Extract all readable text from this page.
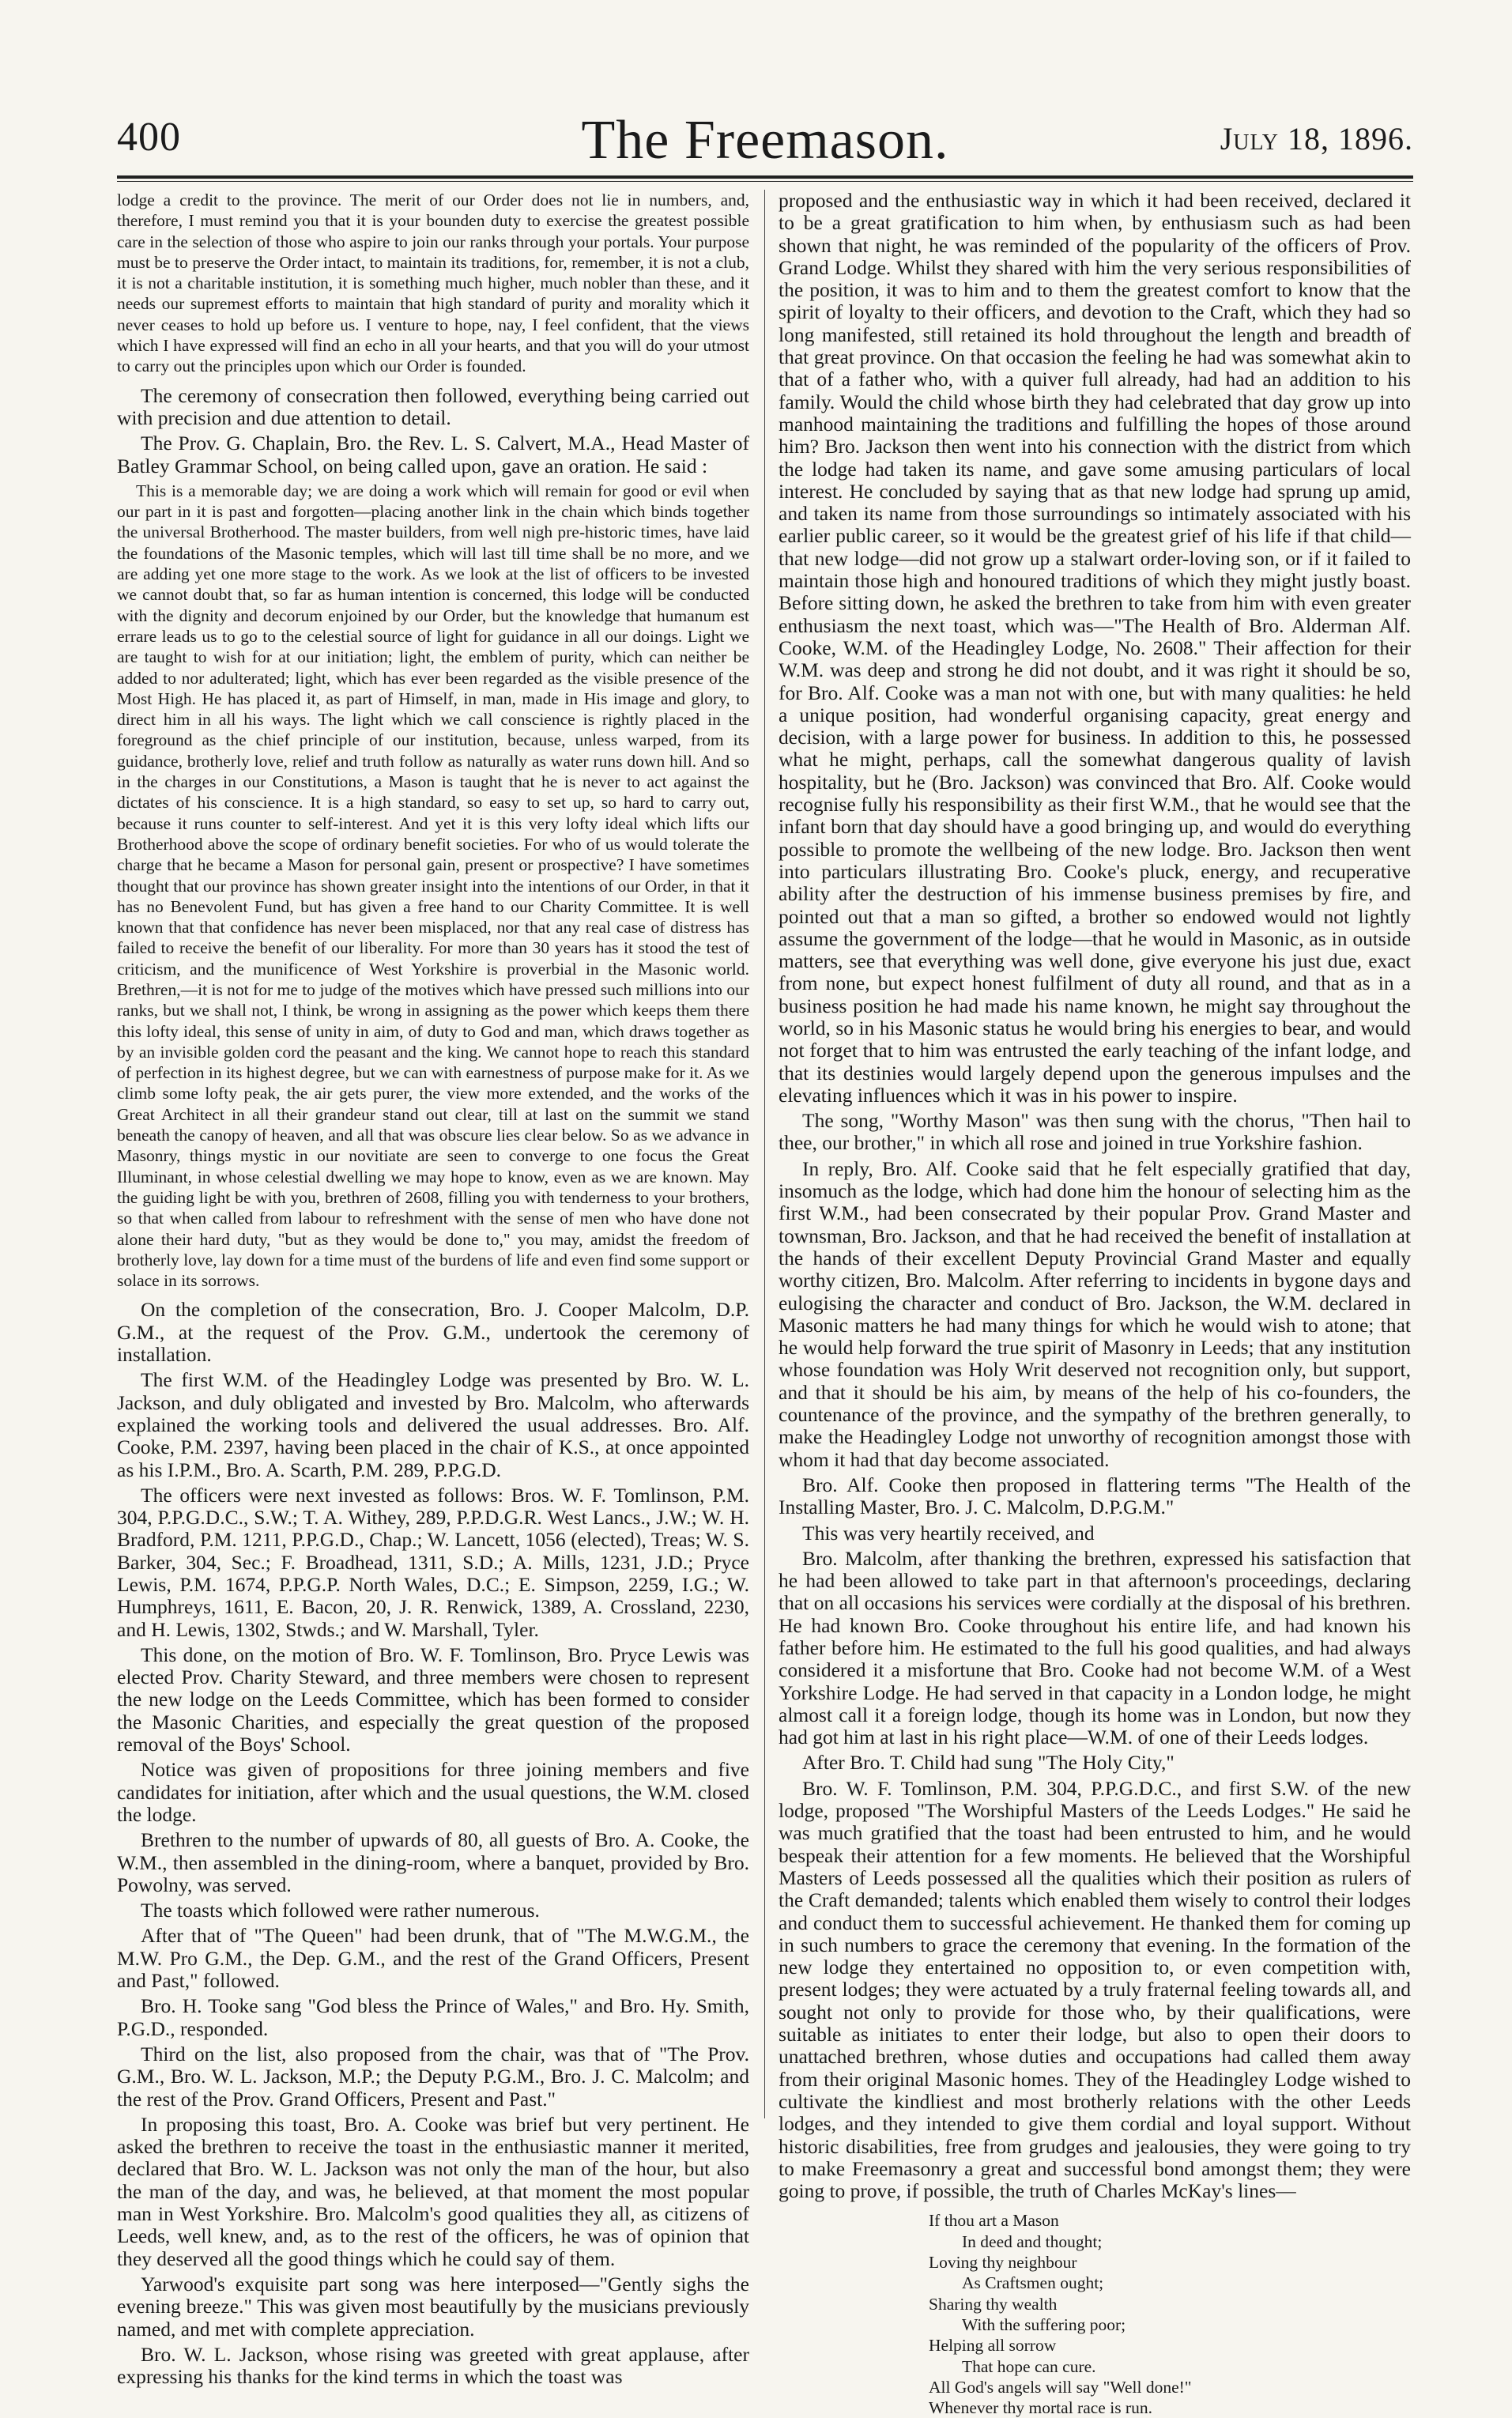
400	The Freemason.	July 18, 1896.

lodge a credit to the province. The merit of our Order does not lie in numbers, and, therefore, I must remind you that it is your bounden duty to exercise the greatest possible care in the selection of those who aspire to join our ranks through your portals. Your purpose must be to preserve the Order intact, to maintain its traditions, for, remember, it is not a club, it is not a charitable institution, it is something much higher, much nobler than these, and it needs our supremest efforts to maintain that high standard of purity and morality which it never ceases to hold up before us. I venture to hope, nay, I feel confident, that the views which I have expressed will find an echo in all your hearts, and that you will do your utmost to carry out the principles upon which our Order is founded.

The ceremony of consecration then followed, everything being carried out with precision and due attention to detail.

The Prov. G. Chaplain, Bro. the Rev. L. S. Calvert, M.A., Head Master of Batley Grammar School, on being called upon, gave an oration. He said :

This is a memorable day; we are doing a work which will remain for good or evil when our part in it is past and forgotten—placing another link in the chain which binds together the universal Brotherhood. The master builders, from well nigh pre-historic times, have laid the foundations of the Masonic temples, which will last till time shall be no more, and we are adding yet one more stage to the work. As we look at the list of officers to be invested we cannot doubt that, so far as human intention is concerned, this lodge will be conducted with the dignity and decorum enjoined by our Order, but the knowledge that humanum est errare leads us to go to the celestial source of light for guidance in all our doings. Light we are taught to wish for at our initiation; light, the emblem of purity, which can neither be added to nor adulterated; light, which has ever been regarded as the visible presence of the Most High. He has placed it, as part of Himself, in man, made in His image and glory, to direct him in all his ways. The light which we call conscience is rightly placed in the foreground as the chief principle of our institution, because, unless warped, from its guidance, brotherly love, relief and truth follow as naturally as water runs down hill. And so in the charges in our Constitutions, a Mason is taught that he is never to act against the dictates of his conscience. It is a high standard, so easy to set up, so hard to carry out, because it runs counter to self-interest. And yet it is this very lofty ideal which lifts our Brotherhood above the scope of ordinary benefit societies. For who of us would tolerate the charge that he became a Mason for personal gain, present or prospective? I have sometimes thought that our province has shown greater insight into the intentions of our Order, in that it has no Benevolent Fund, but has given a free hand to our Charity Committee. It is well known that that confidence has never been misplaced, nor that any real case of distress has failed to receive the benefit of our liberality. For more than 30 years has it stood the test of criticism, and the munificence of West Yorkshire is proverbial in the Masonic world. Brethren,—it is not for me to judge of the motives which have pressed such millions into our ranks, but we shall not, I think, be wrong in assigning as the power which keeps them there this lofty ideal, this sense of unity in aim, of duty to God and man, which draws together as by an invisible golden cord the peasant and the king. We cannot hope to reach this standard of perfection in its highest degree, but we can with earnestness of purpose make for it. As we climb some lofty peak, the air gets purer, the view more extended, and the works of the Great Architect in all their grandeur stand out clear, till at last on the summit we stand beneath the canopy of heaven, and all that was obscure lies clear below. So as we advance in Masonry, things mystic in our novitiate are seen to converge to one focus the Great Illuminant, in whose celestial dwelling we may hope to know, even as we are known. May the guiding light be with you, brethren of 2608, filling you with tenderness to your brothers, so that when called from labour to refreshment with the sense of men who have done not alone their hard duty, "but as they would be done to," you may, amidst the freedom of brotherly love, lay down for a time must of the burdens of life and even find some support or solace in its sorrows.

On the completion of the consecration, Bro. J. Cooper Malcolm, D.P. G.M., at the request of the Prov. G.M., undertook the ceremony of installation.

The first W.M. of the Headingley Lodge was presented by Bro. W. L. Jackson, and duly obligated and invested by Bro. Malcolm, who afterwards explained the working tools and delivered the usual addresses. Bro. Alf. Cooke, P.M. 2397, having been placed in the chair of K.S., at once appointed as his I.P.M., Bro. A. Scarth, P.M. 289, P.P.G.D.

The officers were next invested as follows: Bros. W. F. Tomlinson, P.M. 304, P.P.G.D.C., S.W.; T. A. Withey, 289, P.P.D.G.R. West Lancs., J.W.; W. H. Bradford, P.M. 1211, P.P.G.D., Chap.; W. Lancett, 1056 (elected), Treas; W. S. Barker, 304, Sec.; F. Broadhead, 1311, S.D.; A. Mills, 1231, J.D.; Pryce Lewis, P.M. 1674, P.P.G.P. North Wales, D.C.; E. Simpson, 2259, I.G.; W. Humphreys, 1611, E. Bacon, 20, J. R. Renwick, 1389, A. Crossland, 2230, and H. Lewis, 1302, Stwds.; and W. Marshall, Tyler.

This done, on the motion of Bro. W. F. Tomlinson, Bro. Pryce Lewis was elected Prov. Charity Steward, and three members were chosen to represent the new lodge on the Leeds Committee, which has been formed to consider the Masonic Charities, and especially the great question of the proposed removal of the Boys' School.

Notice was given of propositions for three joining members and five candidates for initiation, after which and the usual questions, the W.M. closed the lodge.

Brethren to the number of upwards of 80, all guests of Bro. A. Cooke, the W.M., then assembled in the dining-room, where a banquet, provided by Bro. Powolny, was served.

The toasts which followed were rather numerous.

After that of "The Queen" had been drunk, that of "The M.W.G.M., the M.W. Pro G.M., the Dep. G.M., and the rest of the Grand Officers, Present and Past," followed.

Bro. H. Tooke sang "God bless the Prince of Wales," and Bro. Hy. Smith, P.G.D., responded.

Third on the list, also proposed from the chair, was that of "The Prov. G.M., Bro. W. L. Jackson, M.P.; the Deputy P.G.M., Bro. J. C. Malcolm; and the rest of the Prov. Grand Officers, Present and Past."

In proposing this toast, Bro. A. Cooke was brief but very pertinent. He asked the brethren to receive the toast in the enthusiastic manner it merited, declared that Bro. W. L. Jackson was not only the man of the hour, but also the man of the day, and was, he believed, at that moment the most popular man in West Yorkshire. Bro. Malcolm's good qualities they all, as citizens of Leeds, well knew, and, as to the rest of the officers, he was of opinion that they deserved all the good things which he could say of them.

Yarwood's exquisite part song was here interposed—"Gently sighs the evening breeze." This was given most beautifully by the musicians previously named, and met with complete appreciation.

Bro. W. L. Jackson, whose rising was greeted with great applause, after expressing his thanks for the kind terms in which the toast was

proposed and the enthusiastic way in which it had been received, declared it to be a great gratification to him when, by enthusiasm such as had been shown that night, he was reminded of the popularity of the officers of Prov. Grand Lodge. Whilst they shared with him the very serious responsibilities of the position, it was to him and to them the greatest comfort to know that the spirit of loyalty to their officers, and devotion to the Craft, which they had so long manifested, still retained its hold throughout the length and breadth of that great province. On that occasion the feeling he had was somewhat akin to that of a father who, with a quiver full already, had had an addition to his family. Would the child whose birth they had celebrated that day grow up into manhood maintaining the traditions and fulfilling the hopes of those around him? Bro. Jackson then went into his connection with the district from which the lodge had taken its name, and gave some amusing particulars of local interest. He concluded by saying that as that new lodge had sprung up amid, and taken its name from those surroundings so intimately associated with his earlier public career, so it would be the greatest grief of his life if that child—that new lodge—did not grow up a stalwart order-loving son, or if it failed to maintain those high and honoured traditions of which they might justly boast. Before sitting down, he asked the brethren to take from him with even greater enthusiasm the next toast, which was—"The Health of Bro. Alderman Alf. Cooke, W.M. of the Headingley Lodge, No. 2608." Their affection for their W.M. was deep and strong he did not doubt, and it was right it should be so, for Bro. Alf. Cooke was a man not with one, but with many qualities: he held a unique position, had wonderful organising capacity, great energy and decision, with a large power for business. In addition to this, he possessed what he might, perhaps, call the somewhat dangerous quality of lavish hospitality, but he (Bro. Jackson) was convinced that Bro. Alf. Cooke would recognise fully his responsibility as their first W.M., that he would see that the infant born that day should have a good bringing up, and would do everything possible to promote the wellbeing of the new lodge. Bro. Jackson then went into particulars illustrating Bro. Cooke's pluck, energy, and recuperative ability after the destruction of his immense business premises by fire, and pointed out that a man so gifted, a brother so endowed would not lightly assume the government of the lodge—that he would in Masonic, as in outside matters, see that everything was well done, give everyone his just due, exact from none, but expect honest fulfilment of duty all round, and that as in a business position he had made his name known, he might say throughout the world, so in his Masonic status he would bring his energies to bear, and would not forget that to him was entrusted the early teaching of the infant lodge, and that its destinies would largely depend upon the generous impulses and the elevating influences which it was in his power to inspire.

The song, "Worthy Mason" was then sung with the chorus, "Then hail to thee, our brother," in which all rose and joined in true Yorkshire fashion.

In reply, Bro. Alf. Cooke said that he felt especially gratified that day, insomuch as the lodge, which had done him the honour of selecting him as the first W.M., had been consecrated by their popular Prov. Grand Master and townsman, Bro. Jackson, and that he had received the benefit of installation at the hands of their excellent Deputy Provincial Grand Master and equally worthy citizen, Bro. Malcolm. After referring to incidents in bygone days and eulogising the character and conduct of Bro. Jackson, the W.M. declared in Masonic matters he had many things for which he would wish to atone; that he would help forward the true spirit of Masonry in Leeds; that any institution whose foundation was Holy Writ deserved not recognition only, but support, and that it should be his aim, by means of the help of his co-founders, the countenance of the province, and the sympathy of the brethren generally, to make the Headingley Lodge not unworthy of recognition amongst those with whom it had that day become associated.

Bro. Alf. Cooke then proposed in flattering terms "The Health of the Installing Master, Bro. J. C. Malcolm, D.P.G.M."

This was very heartily received, and

Bro. Malcolm, after thanking the brethren, expressed his satisfaction that he had been allowed to take part in that afternoon's proceedings, declaring that on all occasions his services were cordially at the disposal of his brethren. He had known Bro. Cooke throughout his entire life, and had known his father before him. He estimated to the full his good qualities, and had always considered it a misfortune that Bro. Cooke had not become W.M. of a West Yorkshire Lodge. He had served in that capacity in a London lodge, he might almost call it a foreign lodge, though its home was in London, but now they had got him at last in his right place—W.M. of one of their Leeds lodges.

After Bro. T. Child had sung "The Holy City,"

Bro. W. F. Tomlinson, P.M. 304, P.P.G.D.C., and first S.W. of the new lodge, proposed "The Worshipful Masters of the Leeds Lodges." He said he was much gratified that the toast had been entrusted to him, and he would bespeak their attention for a few moments. He believed that the Worshipful Masters of Leeds possessed all the qualities which their position as rulers of the Craft demanded; talents which enabled them wisely to control their lodges and conduct them to successful achievement. He thanked them for coming up in such numbers to grace the ceremony that evening. In the formation of the new lodge they entertained no opposition to, or even competition with, present lodges; they were actuated by a truly fraternal feeling towards all, and sought not only to provide for those who, by their qualifications, were suitable as initiates to enter their lodge, but also to open their doors to unattached brethren, whose duties and occupations had called them away from their original Masonic homes. They of the Headingley Lodge wished to cultivate the kindliest and most brotherly relations with the other Leeds lodges, and they intended to give them cordial and loyal support. Without historic disabilities, free from grudges and jealousies, they were going to try to make Freemasonry a great and successful bond amongst them; they were going to prove, if possible, the truth of Charles McKay's lines—

If thou art a Mason
In deed and thought;
Loving thy neighbour
As Craftsmen ought;
Sharing thy wealth
With the suffering poor;
Helping all sorrow
That hope can cure.
All God's angels will say "Well done!"
Whenever thy mortal race is run.
